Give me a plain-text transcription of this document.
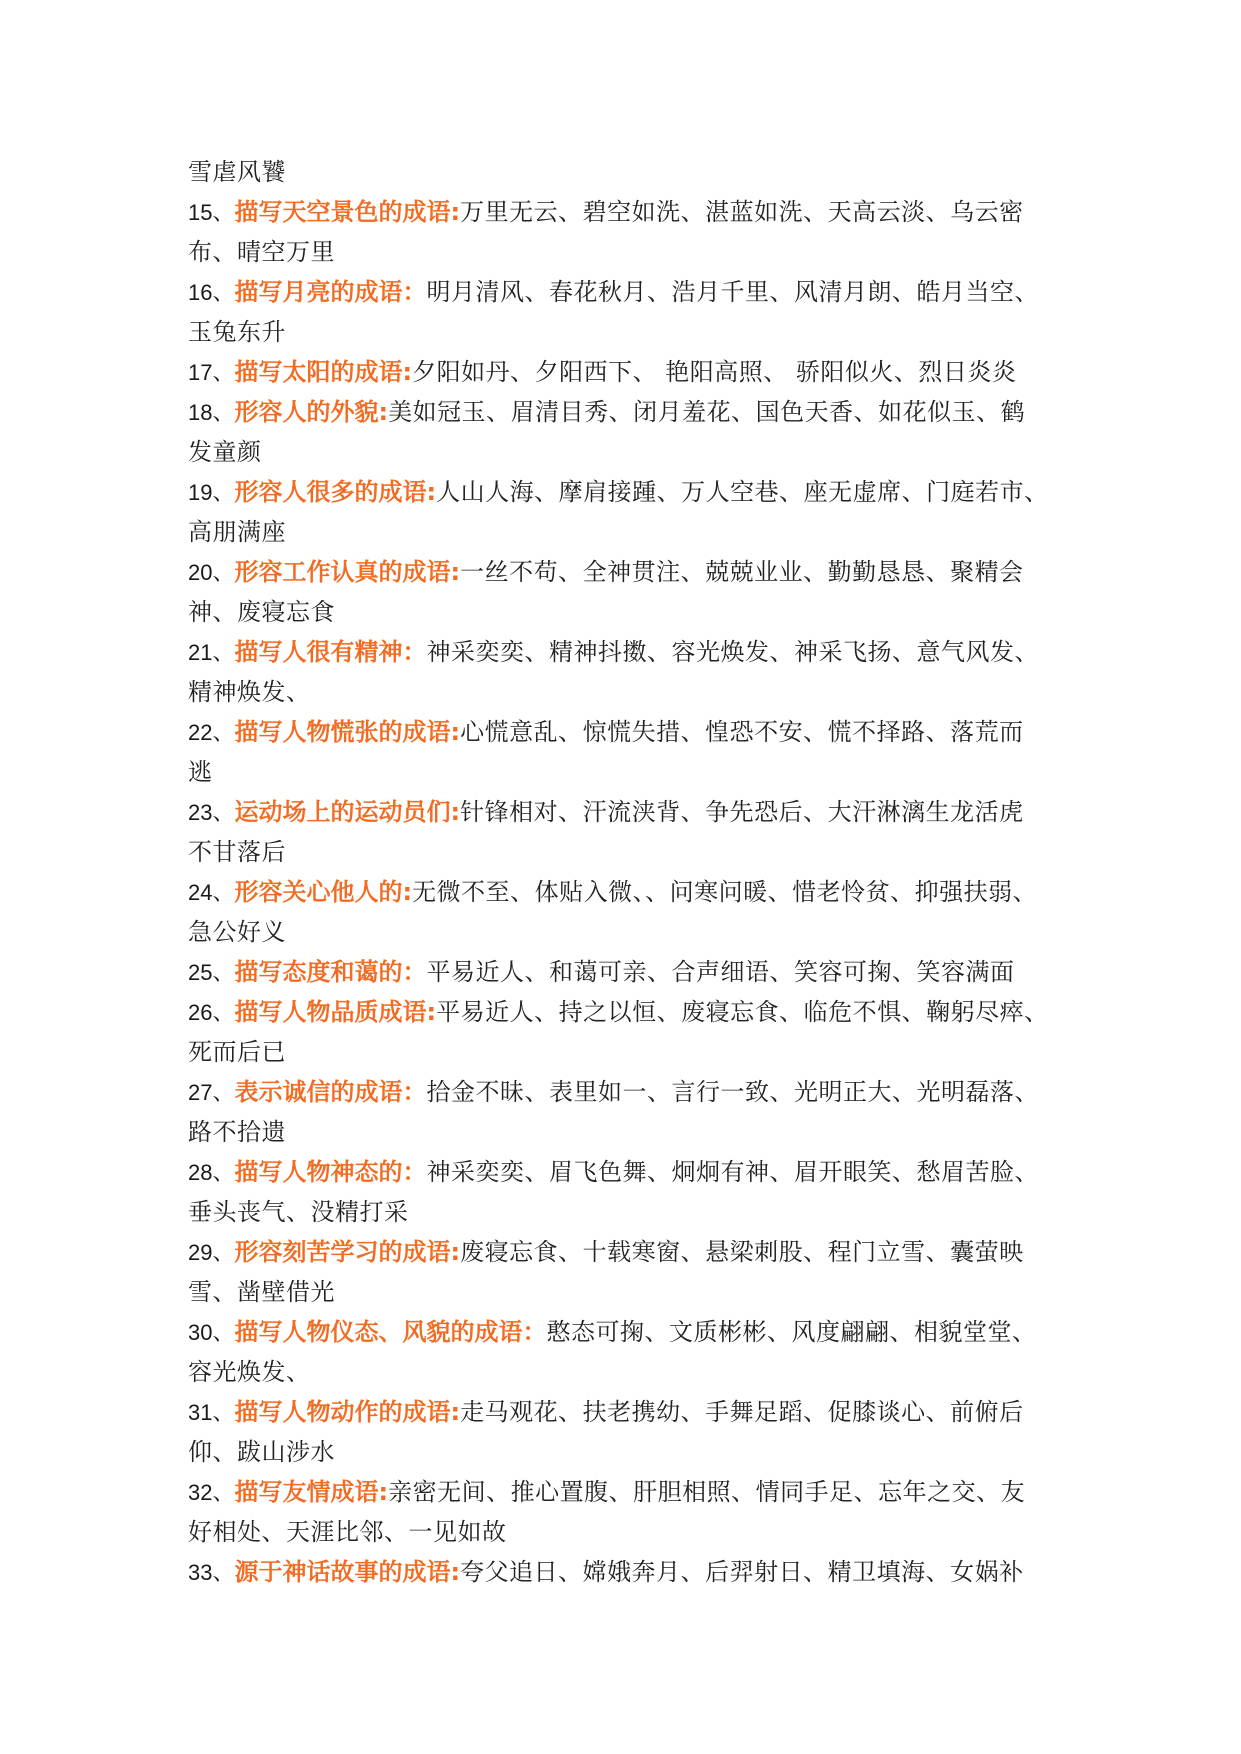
雪虐风饕
15、描写天空景色的成语:万里无云、碧空如洗、湛蓝如洗、天高云淡、乌云密
布、晴空万里
16、描写月亮的成语：明月清风、春花秋月、浩月千里、风清月朗、皓月当空、
玉兔东升
17、描写太阳的成语:夕阳如丹、夕阳西下、 艳阳高照、 骄阳似火、烈日炎炎
18、形容人的外貌:美如冠玉、眉清目秀、闭月羞花、国色天香、如花似玉、鹤
发童颜
19、形容人很多的成语:人山人海、摩肩接踵、万人空巷、座无虚席、门庭若市、
高朋满座
20、形容工作认真的成语:一丝不苟、全神贯注、兢兢业业、勤勤恳恳、聚精会
神、废寝忘食
21、描写人很有精神：神采奕奕、精神抖擞、容光焕发、神采飞扬、意气风发、
精神焕发、
22、描写人物慌张的成语:心慌意乱、惊慌失措、惶恐不安、慌不择路、落荒而
逃
23、运动场上的运动员们:针锋相对、汗流浃背、争先恐后、大汗淋漓生龙活虎
不甘落后
24、形容关心他人的:无微不至、体贴入微、、问寒问暖、惜老怜贫、抑强扶弱、
急公好义
25、描写态度和蔼的：平易近人、和蔼可亲、合声细语、笑容可掬、笑容满面
26、描写人物品质成语:平易近人、持之以恒、废寝忘食、临危不惧、鞠躬尽瘁、
死而后已
27、表示诚信的成语：拾金不昧、表里如一、言行一致、光明正大、光明磊落、
路不拾遗
28、描写人物神态的：神采奕奕、眉飞色舞、炯炯有神、眉开眼笑、愁眉苦脸、
垂头丧气、没精打采
29、形容刻苦学习的成语:废寝忘食、十载寒窗、悬梁刺股、程门立雪、囊萤映
雪、凿壁借光
30、描写人物仪态、风貌的成语：憨态可掬、文质彬彬、风度翩翩、相貌堂堂、
容光焕发、
31、描写人物动作的成语:走马观花、扶老携幼、手舞足蹈、促膝谈心、前俯后
仰、跋山涉水
32、描写友情成语:亲密无间、推心置腹、肝胆相照、情同手足、忘年之交、友
好相处、天涯比邻、一见如故
33、源于神话故事的成语:夸父追日、嫦娥奔月、后羿射日、精卫填海、女娲补
